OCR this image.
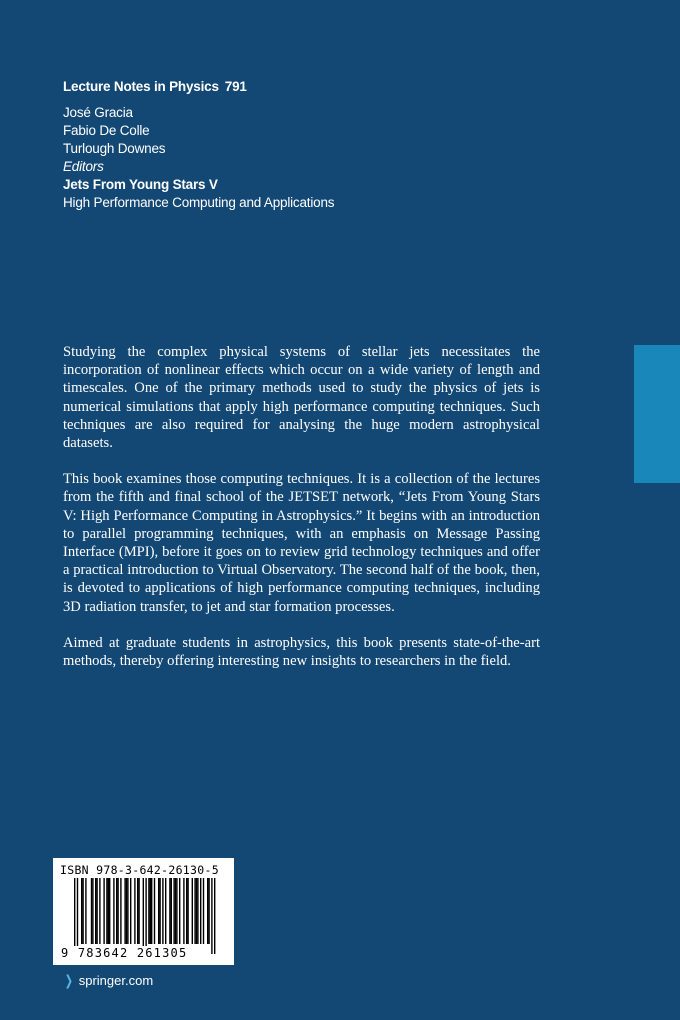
Lecture Notes in Physics 791
José Gracia
Fabio De Colle
Turlough Downes
Editors
Jets From Young Stars V
High Performance Computing and Applications

Studying the complex physical systems of stellar jets necessitates the incorporation of nonlinear effects which occur on a wide variety of length and timescales. One of the primary methods used to study the physics of jets is numerical simulations that apply high performance computing techniques. Such techniques are also required for analysing the huge modern astrophysical datasets.

This book examines those computing techniques. It is a collection of the lectures from the fifth and final school of the JETSET network, “Jets From Young Stars V: High Performance Computing in Astrophysics.” It begins with an introduction to parallel programming techniques, with an emphasis on Message Passing Interface (MPI), before it goes on to review grid technology techniques and offer a practical introduction to Virtual Observatory. The second half of the book, then, is devoted to applications of high performance computing techniques, including 3D radiation transfer, to jet and star formation processes.

Aimed at graduate students in astrophysics, this book presents state-of-the-art methods, thereby offering interesting new insights to researchers in the field.

ISBN 978-3-642-26130-5
9 783642 261305
❯ springer.com
